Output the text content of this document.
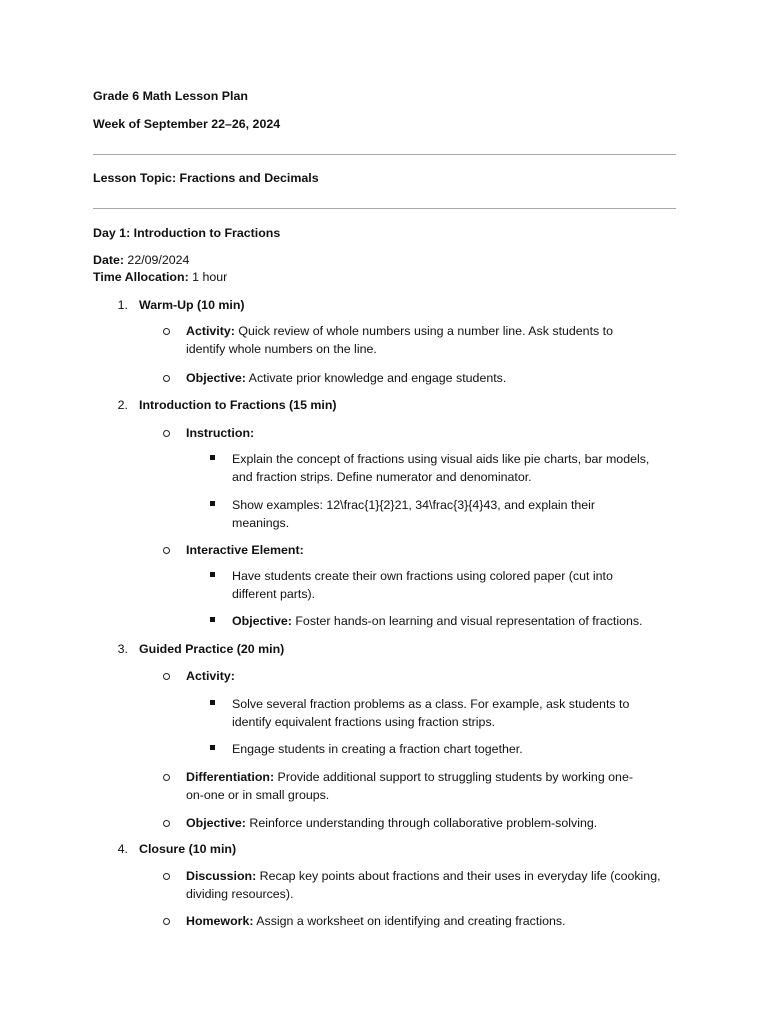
Grade 6 Math Lesson Plan
Week of September 22–26, 2024
Lesson Topic: Fractions and Decimals
Day 1: Introduction to Fractions
Date: 22/09/2024
Time Allocation: 1 hour
1. Warm-Up (10 min)
Activity: Quick review of whole numbers using a number line. Ask students to
identify whole numbers on the line.
Objective: Activate prior knowledge and engage students.
2. Introduction to Fractions (15 min)
Instruction:
Explain the concept of fractions using visual aids like pie charts, bar models,
and fraction strips. Define numerator and denominator.
Show examples: 12\frac{1}{2}21, 34\frac{3}{4}43, and explain their
meanings.
Interactive Element:
Have students create their own fractions using colored paper (cut into
different parts).
Objective: Foster hands-on learning and visual representation of fractions.
3. Guided Practice (20 min)
Activity:
Solve several fraction problems as a class. For example, ask students to
identify equivalent fractions using fraction strips.
Engage students in creating a fraction chart together.
Differentiation: Provide additional support to struggling students by working one-
on-one or in small groups.
Objective: Reinforce understanding through collaborative problem-solving.
4. Closure (10 min)
Discussion: Recap key points about fractions and their uses in everyday life (cooking,
dividing resources).
Homework: Assign a worksheet on identifying and creating fractions.
